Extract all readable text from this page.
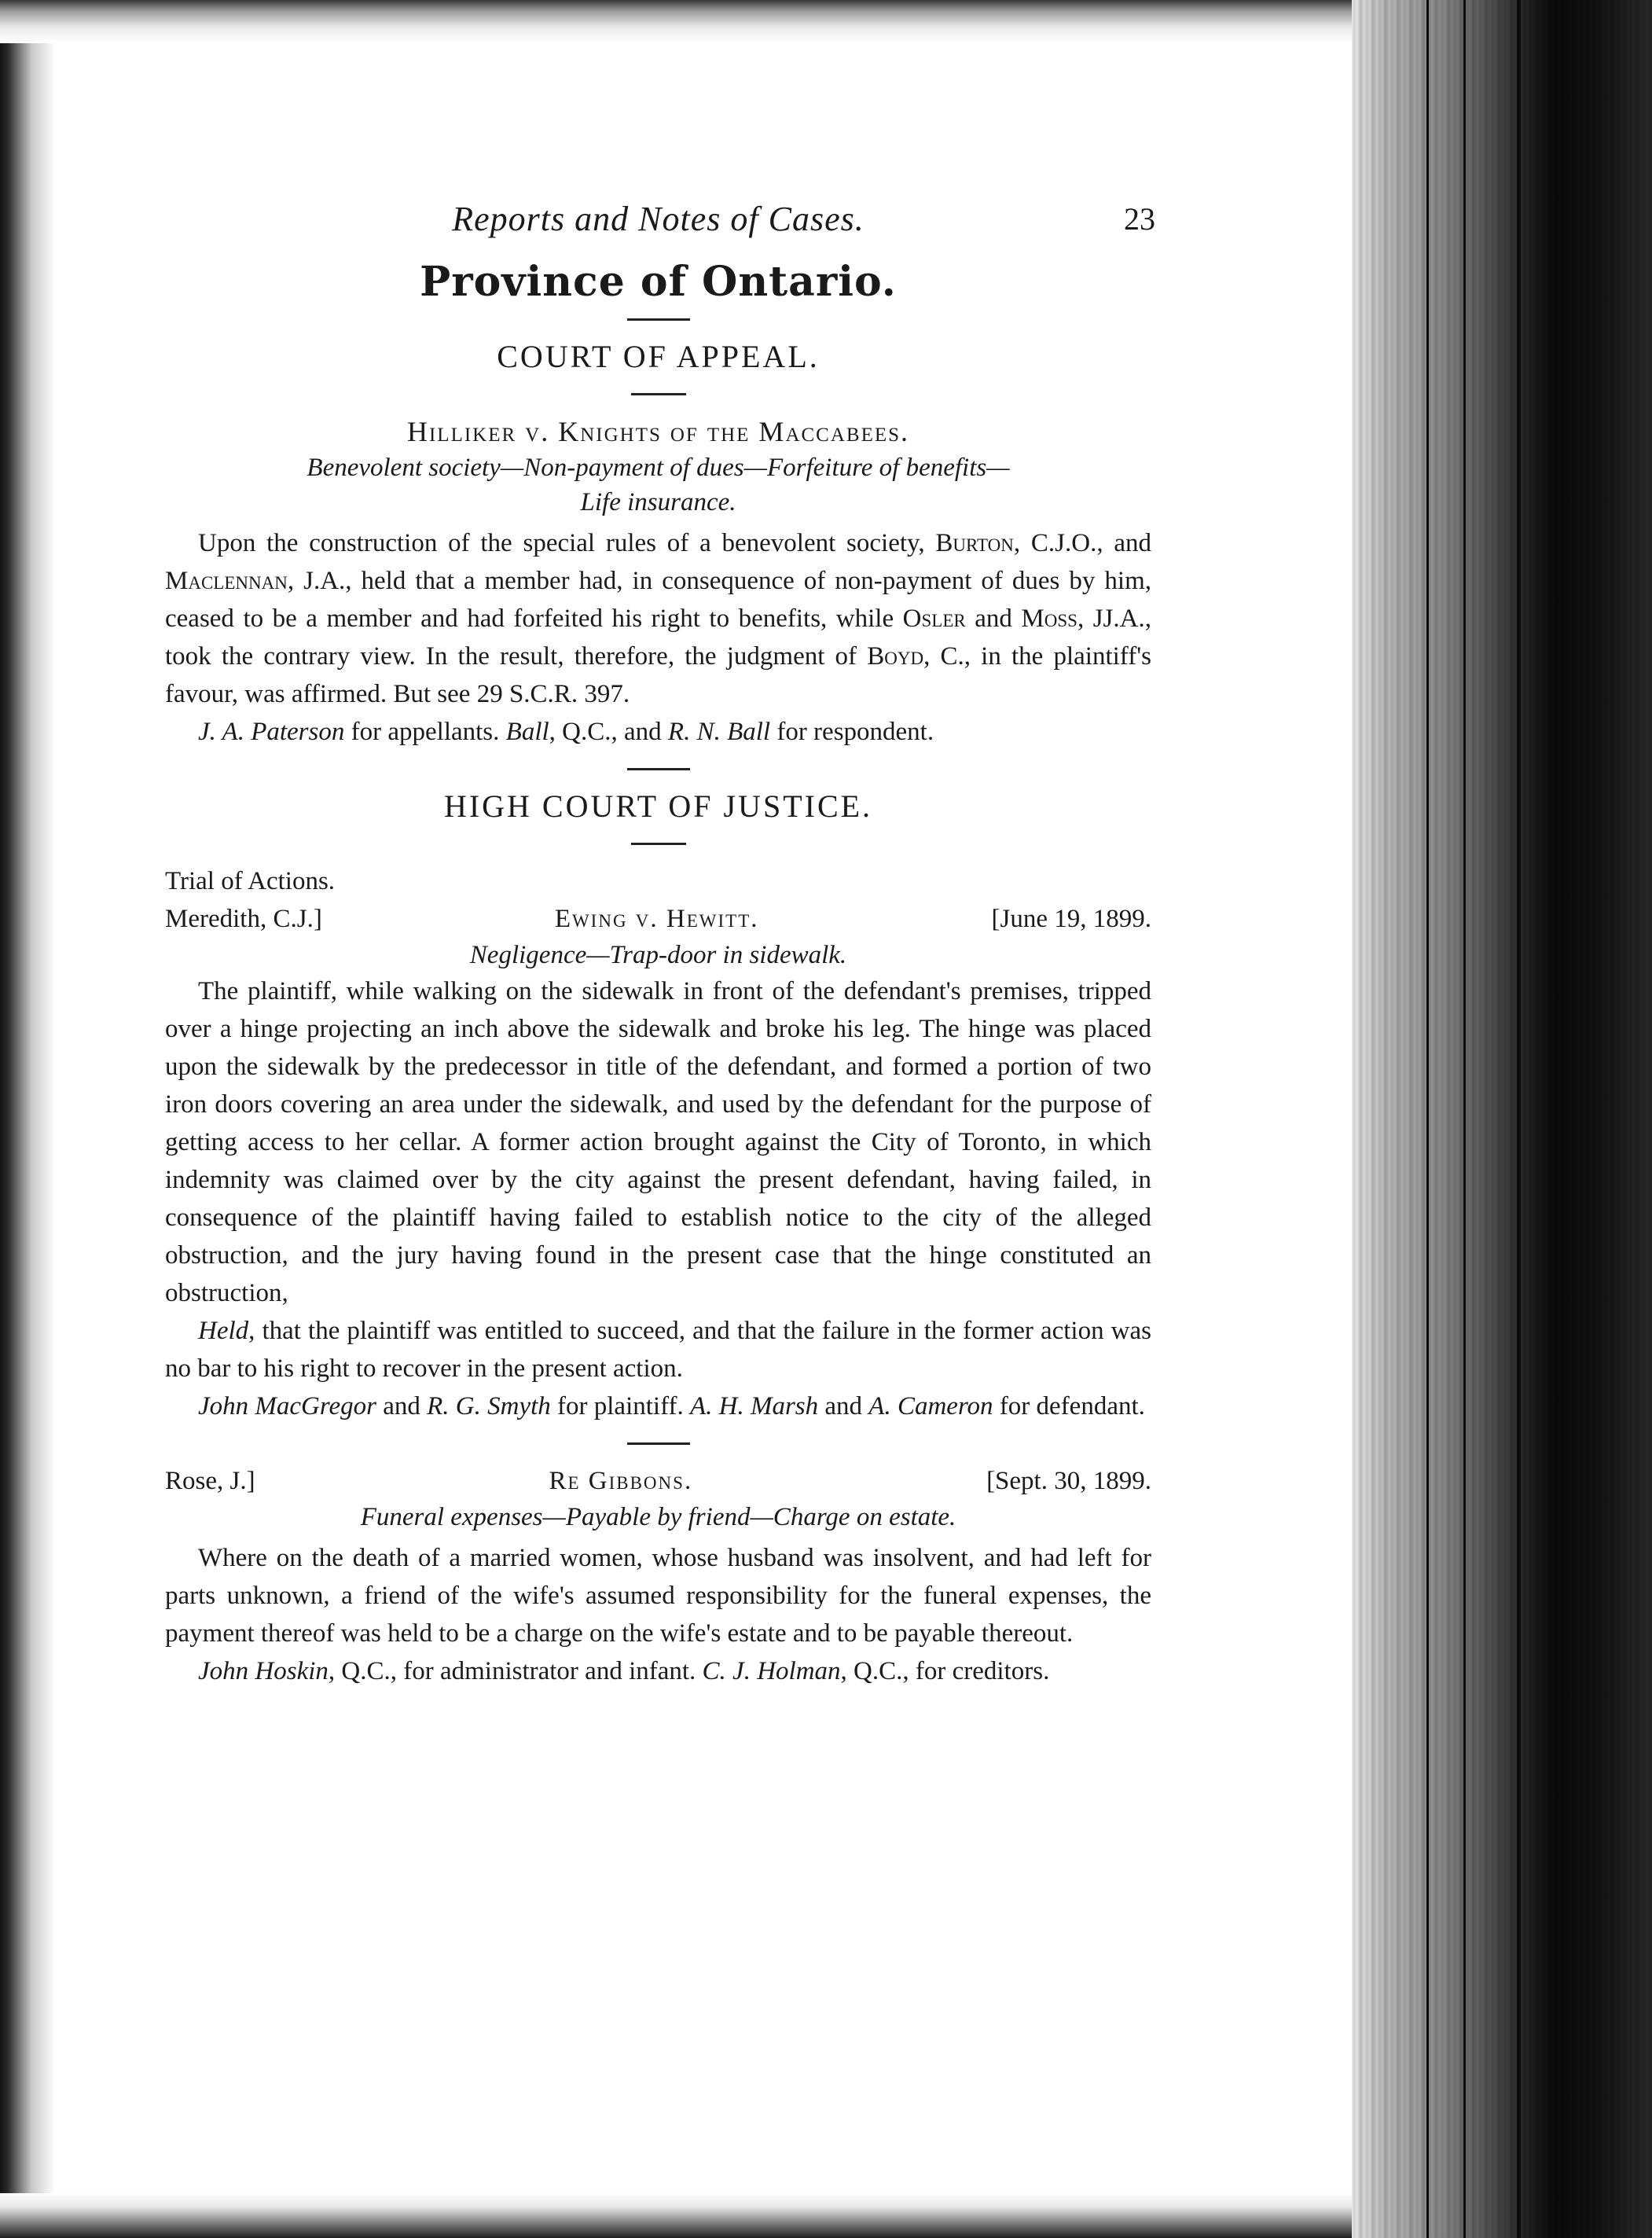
Reports and Notes of Cases.	23
Province of Ontario.
COURT OF APPEAL.
Hilliker v. Knights of the Maccabees.
Benevolent society—Non-payment of dues—Forfeiture of benefits—
Life insurance.

Upon the construction of the special rules of a benevolent society, Burton, C.J.O., and Maclennan, J.A., held that a member had, in consequence of non-payment of dues by him, ceased to be a member and had forfeited his right to benefits, while Osler and Moss, JJ.A., took the contrary view. In the result, therefore, the judgment of Boyd, C., in the plaintiff's favour, was affirmed. But see 29 S.C.R. 397.

J. A. Paterson for appellants. Ball, Q.C., and R. N. Ball for respondent.

HIGH COURT OF JUSTICE.
Trial of Actions.
Meredith, C.J.]	Ewing v. Hewitt.	[June 19, 1899.
Negligence—Trap-door in sidewalk.

The plaintiff, while walking on the sidewalk in front of the defendant's premises, tripped over a hinge projecting an inch above the sidewalk and broke his leg. The hinge was placed upon the sidewalk by the predecessor in title of the defendant, and formed a portion of two iron doors covering an area under the sidewalk, and used by the defendant for the purpose of getting access to her cellar. A former action brought against the City of Toronto, in which indemnity was claimed over by the city against the present defendant, having failed, in consequence of the plaintiff having failed to establish notice to the city of the alleged obstruction, and the jury having found in the present case that the hinge constituted an obstruction,

Held, that the plaintiff was entitled to succeed, and that the failure in the former action was no bar to his right to recover in the present action.

John MacGregor and R. G. Smyth for plaintiff. A. H. Marsh and A. Cameron for defendant.

Rose, J.]	Re Gibbons.	[Sept. 30, 1899.
Funeral expenses—Payable by friend—Charge on estate.

Where on the death of a married women, whose husband was insolvent, and had left for parts unknown, a friend of the wife's assumed responsibility for the funeral expenses, the payment thereof was held to be a charge on the wife's estate and to be payable thereout.

John Hoskin, Q.C., for administrator and infant. C. J. Holman, Q.C., for creditors.
